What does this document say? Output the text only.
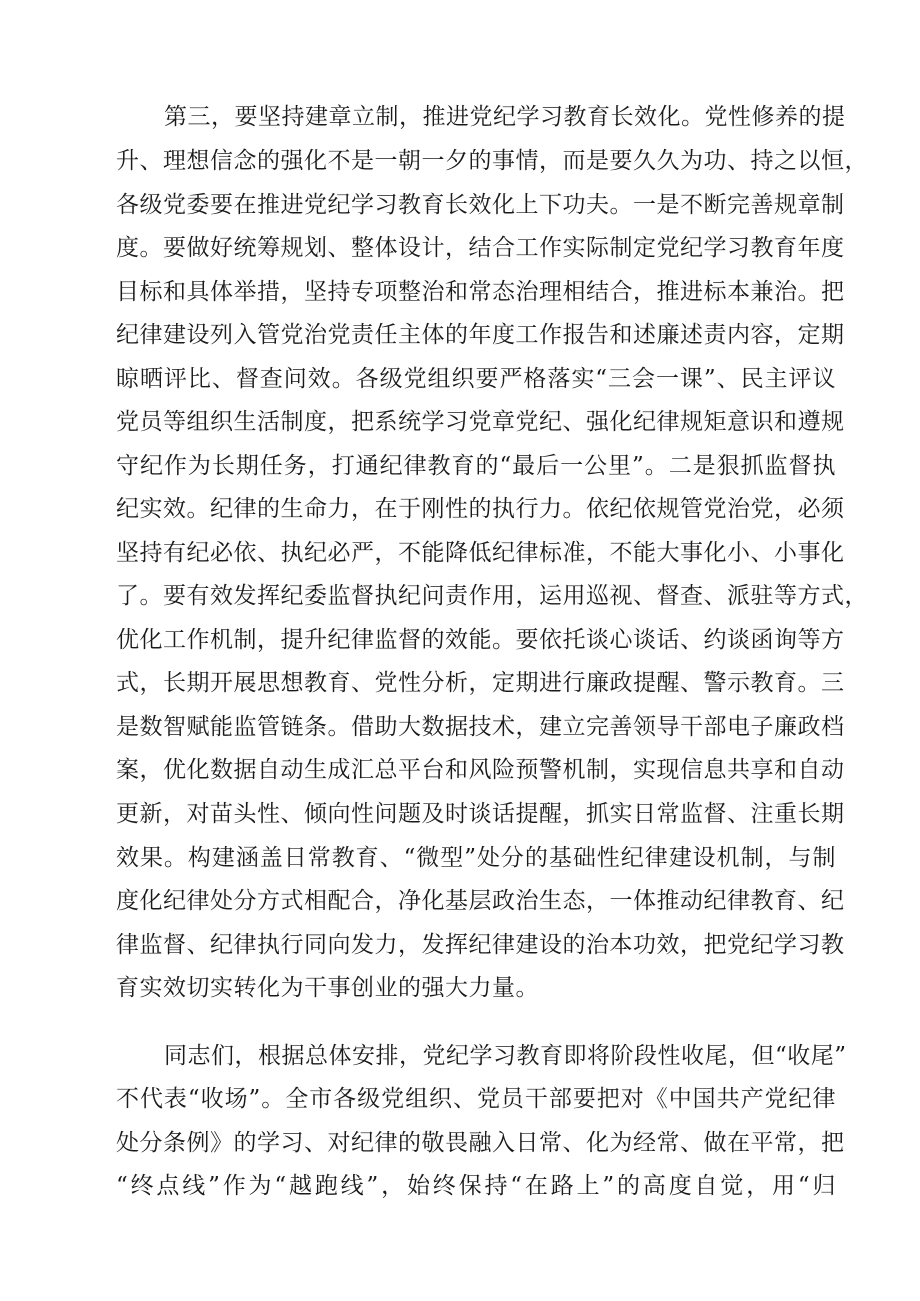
第三，要坚持建章立制，推进党纪学习教育长效化。党性修养的提

升、理想信念的强化不是一朝一夕的事情，而是要久久为功、持之以恒，

各级党委要在推进党纪学习教育长效化上下功夫。一是不断完善规章制

度。要做好统筹规划、整体设计，结合工作实际制定党纪学习教育年度

目标和具体举措，坚持专项整治和常态治理相结合，推进标本兼治。把

纪律建设列入管党治党责任主体的年度工作报告和述廉述责内容，定期

晾晒评比、督查问效。各级党组织要严格落实“三会一课”、民主评议

党员等组织生活制度，把系统学习党章党纪、强化纪律规矩意识和遵规

守纪作为长期任务，打通纪律教育的“最后一公里”。二是狠抓监督执

纪实效。纪律的生命力，在于刚性的执行力。依纪依规管党治党，必须

坚持有纪必依、执纪必严，不能降低纪律标准，不能大事化小、小事化

了。要有效发挥纪委监督执纪问责作用，运用巡视、督查、派驻等方式，

优化工作机制，提升纪律监督的效能。要依托谈心谈话、约谈函询等方

式，长期开展思想教育、党性分析，定期进行廉政提醒、警示教育。三

是数智赋能监管链条。借助大数据技术，建立完善领导干部电子廉政档

案，优化数据自动生成汇总平台和风险预警机制，实现信息共享和自动

更新，对苗头性、倾向性问题及时谈话提醒，抓实日常监督、注重长期

效果。构建涵盖日常教育、“微型”处分的基础性纪律建设机制，与制

度化纪律处分方式相配合，净化基层政治生态，一体推动纪律教育、纪

律监督、纪律执行同向发力，发挥纪律建设的治本功效，把党纪学习教

育实效切实转化为干事创业的强大力量。

同志们，根据总体安排，党纪学习教育即将阶段性收尾，但“收尾”

不代表“收场”。全市各级党组织、党员干部要把对《中国共产党纪律

处分条例》的学习、对纪律的敬畏融入日常、化为经常、做在平常，把

“终点线”作为“越跑线”，始终保持“在路上”的高度自觉，用“归
